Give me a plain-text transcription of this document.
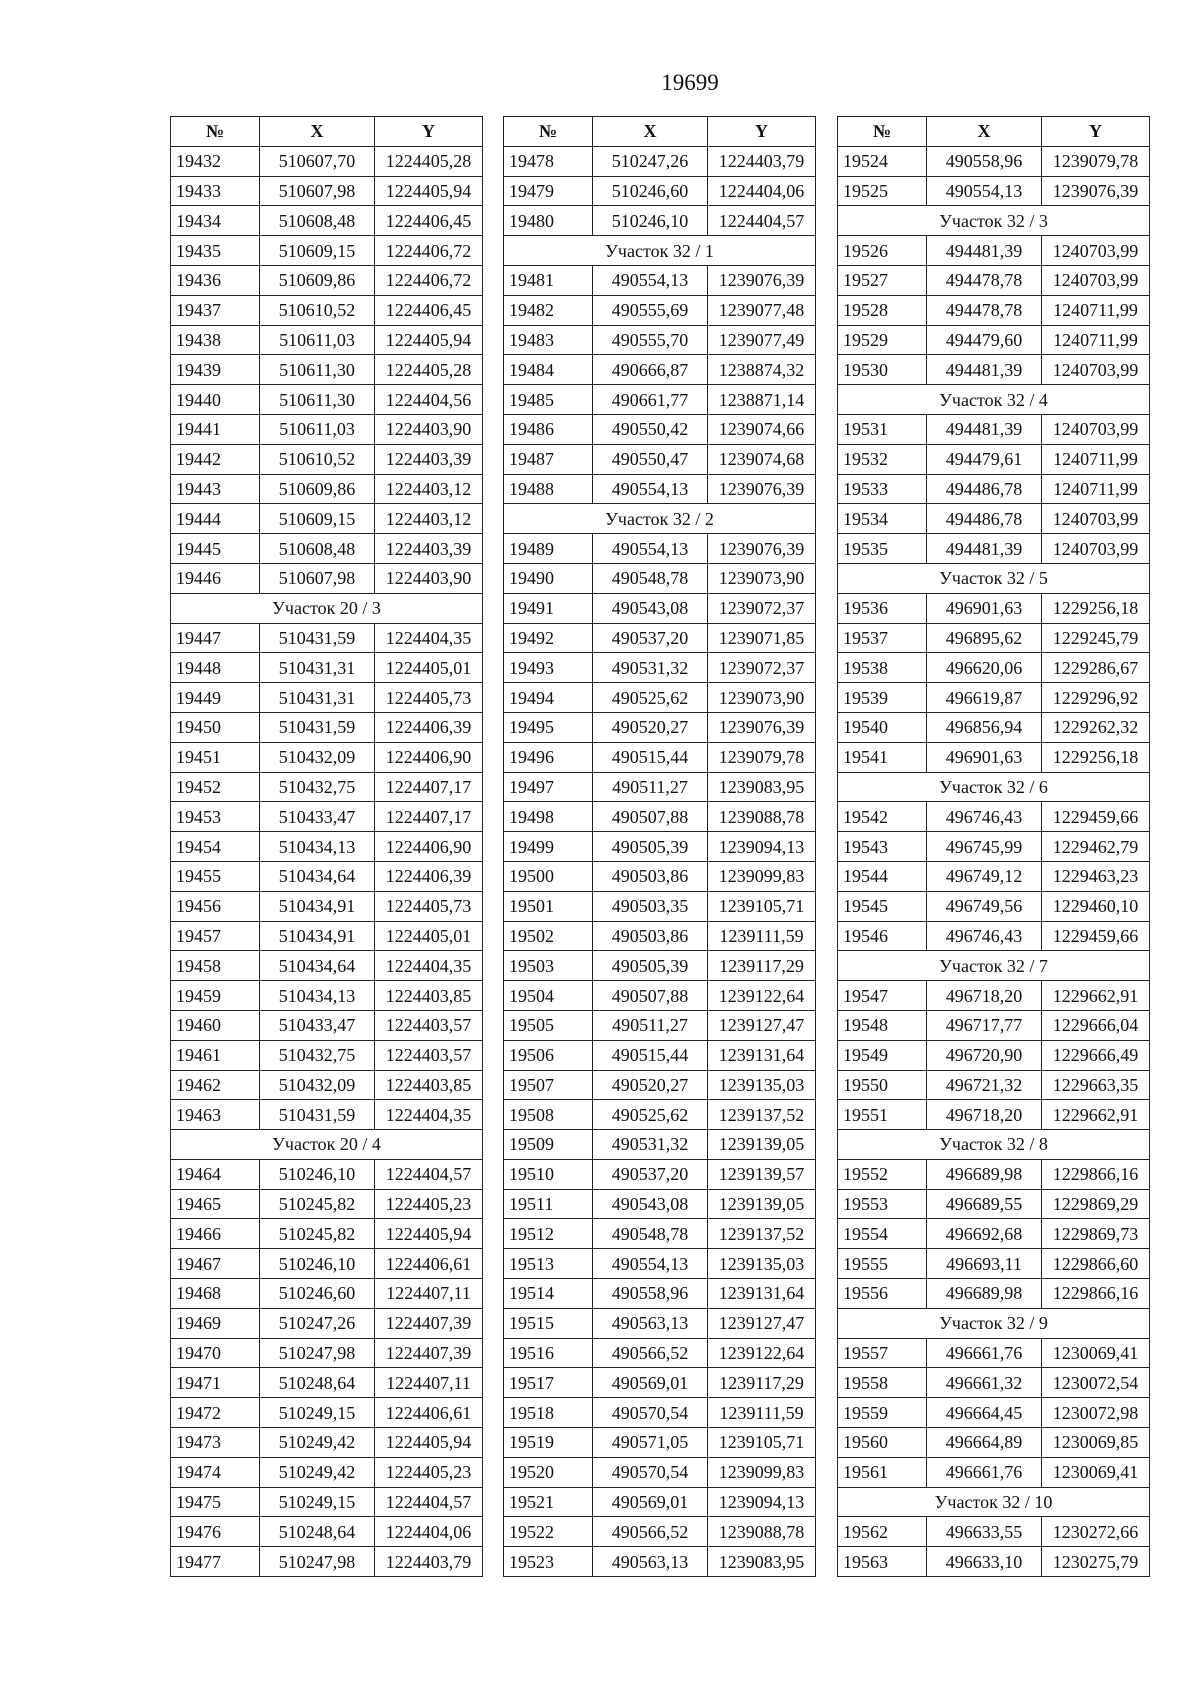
19699
№	X	Y
19432	510607,70	1224405,28
19433	510607,98	1224405,94
19434	510608,48	1224406,45
19435	510609,15	1224406,72
19436	510609,86	1224406,72
19437	510610,52	1224406,45
19438	510611,03	1224405,94
19439	510611,30	1224405,28
19440	510611,30	1224404,56
19441	510611,03	1224403,90
19442	510610,52	1224403,39
19443	510609,86	1224403,12
19444	510609,15	1224403,12
19445	510608,48	1224403,39
19446	510607,98	1224403,90
Участок 20 / 3		
19447	510431,59	1224404,35
19448	510431,31	1224405,01
19449	510431,31	1224405,73
19450	510431,59	1224406,39
19451	510432,09	1224406,90
19452	510432,75	1224407,17
19453	510433,47	1224407,17
19454	510434,13	1224406,90
19455	510434,64	1224406,39
19456	510434,91	1224405,73
19457	510434,91	1224405,01
19458	510434,64	1224404,35
19459	510434,13	1224403,85
19460	510433,47	1224403,57
19461	510432,75	1224403,57
19462	510432,09	1224403,85
19463	510431,59	1224404,35
Участок 20 / 4		
19464	510246,10	1224404,57
19465	510245,82	1224405,23
19466	510245,82	1224405,94
19467	510246,10	1224406,61
19468	510246,60	1224407,11
19469	510247,26	1224407,39
19470	510247,98	1224407,39
19471	510248,64	1224407,11
19472	510249,15	1224406,61
19473	510249,42	1224405,94
19474	510249,42	1224405,23
19475	510249,15	1224404,57
19476	510248,64	1224404,06
19477	510247,98	1224403,79
№	X	Y
19478	510247,26	1224403,79
19479	510246,60	1224404,06
19480	510246,10	1224404,57
Участок 32 / 1		
19481	490554,13	1239076,39
19482	490555,69	1239077,48
19483	490555,70	1239077,49
19484	490666,87	1238874,32
19485	490661,77	1238871,14
19486	490550,42	1239074,66
19487	490550,47	1239074,68
19488	490554,13	1239076,39
Участок 32 / 2		
19489	490554,13	1239076,39
19490	490548,78	1239073,90
19491	490543,08	1239072,37
19492	490537,20	1239071,85
19493	490531,32	1239072,37
19494	490525,62	1239073,90
19495	490520,27	1239076,39
19496	490515,44	1239079,78
19497	490511,27	1239083,95
19498	490507,88	1239088,78
19499	490505,39	1239094,13
19500	490503,86	1239099,83
19501	490503,35	1239105,71
19502	490503,86	1239111,59
19503	490505,39	1239117,29
19504	490507,88	1239122,64
19505	490511,27	1239127,47
19506	490515,44	1239131,64
19507	490520,27	1239135,03
19508	490525,62	1239137,52
19509	490531,32	1239139,05
19510	490537,20	1239139,57
19511	490543,08	1239139,05
19512	490548,78	1239137,52
19513	490554,13	1239135,03
19514	490558,96	1239131,64
19515	490563,13	1239127,47
19516	490566,52	1239122,64
19517	490569,01	1239117,29
19518	490570,54	1239111,59
19519	490571,05	1239105,71
19520	490570,54	1239099,83
19521	490569,01	1239094,13
19522	490566,52	1239088,78
19523	490563,13	1239083,95
№	X	Y
19524	490558,96	1239079,78
19525	490554,13	1239076,39
Участок 32 / 3		
19526	494481,39	1240703,99
19527	494478,78	1240703,99
19528	494478,78	1240711,99
19529	494479,60	1240711,99
19530	494481,39	1240703,99
Участок 32 / 4		
19531	494481,39	1240703,99
19532	494479,61	1240711,99
19533	494486,78	1240711,99
19534	494486,78	1240703,99
19535	494481,39	1240703,99
Участок 32 / 5		
19536	496901,63	1229256,18
19537	496895,62	1229245,79
19538	496620,06	1229286,67
19539	496619,87	1229296,92
19540	496856,94	1229262,32
19541	496901,63	1229256,18
Участок 32 / 6		
19542	496746,43	1229459,66
19543	496745,99	1229462,79
19544	496749,12	1229463,23
19545	496749,56	1229460,10
19546	496746,43	1229459,66
Участок 32 / 7		
19547	496718,20	1229662,91
19548	496717,77	1229666,04
19549	496720,90	1229666,49
19550	496721,32	1229663,35
19551	496718,20	1229662,91
Участок 32 / 8		
19552	496689,98	1229866,16
19553	496689,55	1229869,29
19554	496692,68	1229869,73
19555	496693,11	1229866,60
19556	496689,98	1229866,16
Участок 32 / 9		
19557	496661,76	1230069,41
19558	496661,32	1230072,54
19559	496664,45	1230072,98
19560	496664,89	1230069,85
19561	496661,76	1230069,41
Участок 32 / 10		
19562	496633,55	1230272,66
19563	496633,10	1230275,79
